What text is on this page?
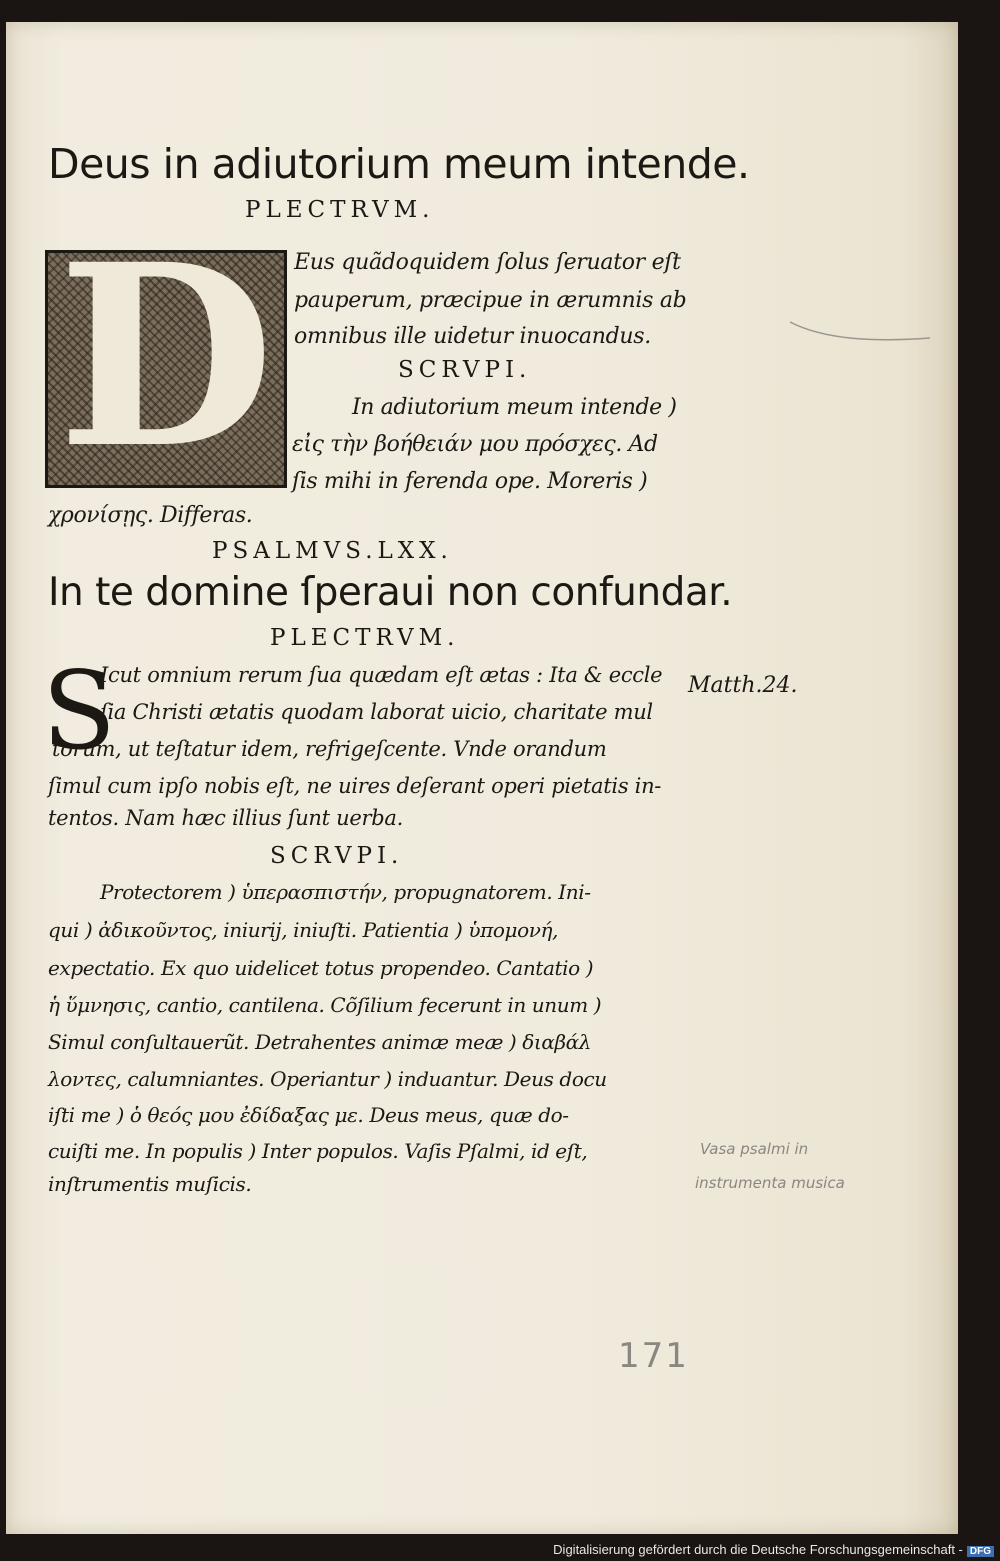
Deus in adiutorium meum intende.
PLECTRVM.
D Eus quãdoquidem ſolus ſeruator eſt
pauperum, præcipue in ærumnis ab
omnibus ille uidetur inuocandus.
SCRVPI.
In adiutorium meum intende )
εἰς τὴν βοήθειάν μου πρόσχες. Ad
ſis mihi in ferenda ope. Moreris )
χρονίσῃς. Differas.
PSALMVS.LXX.
In te domine ſperaui non confundar.
PLECTRVM.
S
Icut omnium rerum ſua quædam eſt ætas : Ita & eccle
ſia Christi ætatis quodam laborat uicio, charitate mul
torum, ut teſtatur idem, refrigeſcente. Vnde orandum
ſimul cum ipſo nobis eſt, ne uires deſerant operi pietatis in-
tentos. Nam hæc illius ſunt uerba.
Matth.24.
SCRVPI.
Protectorem ) ὑπερασπιστήν, propugnatorem. Ini-
qui ) ἀδικοῦντος, iniurij, iniuſti. Patientia ) ὑπομονή,
expectatio. Ex quo uidelicet totus propendeo. Cantatio )
ἡ ὕμνησις, cantio, cantilena. Cõſilium fecerunt in unum )
Simul conſultauerũt. Detrahentes animæ meæ ) διαβάλ
λοντες, calumniantes. Operiantur ) induantur. Deus docu
iſti me ) ὁ θεός μου ἐδίδαξας με. Deus meus, quæ do-
cuiſti me. In populis ) Inter populos. Vaſis Pſalmi, id eſt,
inſtrumentis muſicis.
Vasa psalmi in
instrumenta musica
171
Digitalisierung gefördert durch die Deutsche Forschungsgemeinschaft - DFG
